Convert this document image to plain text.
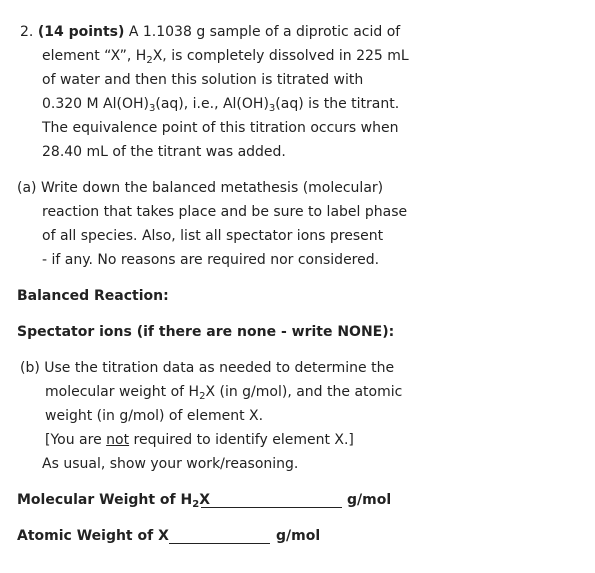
2. (14 points) A 1.1038 g sample of a diprotic acid of
element “X”, $H_2X$, is completely dissolved in 225 mL
of water and then this solution is titrated with
0.320 M $Al(OH)_3(aq)$, i.e., $Al(OH)_3(aq)$ is the titrant.
The equivalence point of this titration occurs when
28.40 mL of the titrant was added.
(a) Write down the balanced metathesis (molecular)
reaction that takes place and be sure to label phase
of all species. Also, list all spectator ions present
- if any. No reasons are required nor considered.
Balanced Reaction:
Spectator ions (if there are none - write NONE):
(b) Use the titration data as needed to determine the
molecular weight of $H_2X$ (in g/mol), and the atomic
weight (in g/mol) of element X.
[You are not required to identify element X.]
As usual, show your work/reasoning.
Molecular Weight of $H_2X$	g/mol
Atomic Weight of X	g/mol
